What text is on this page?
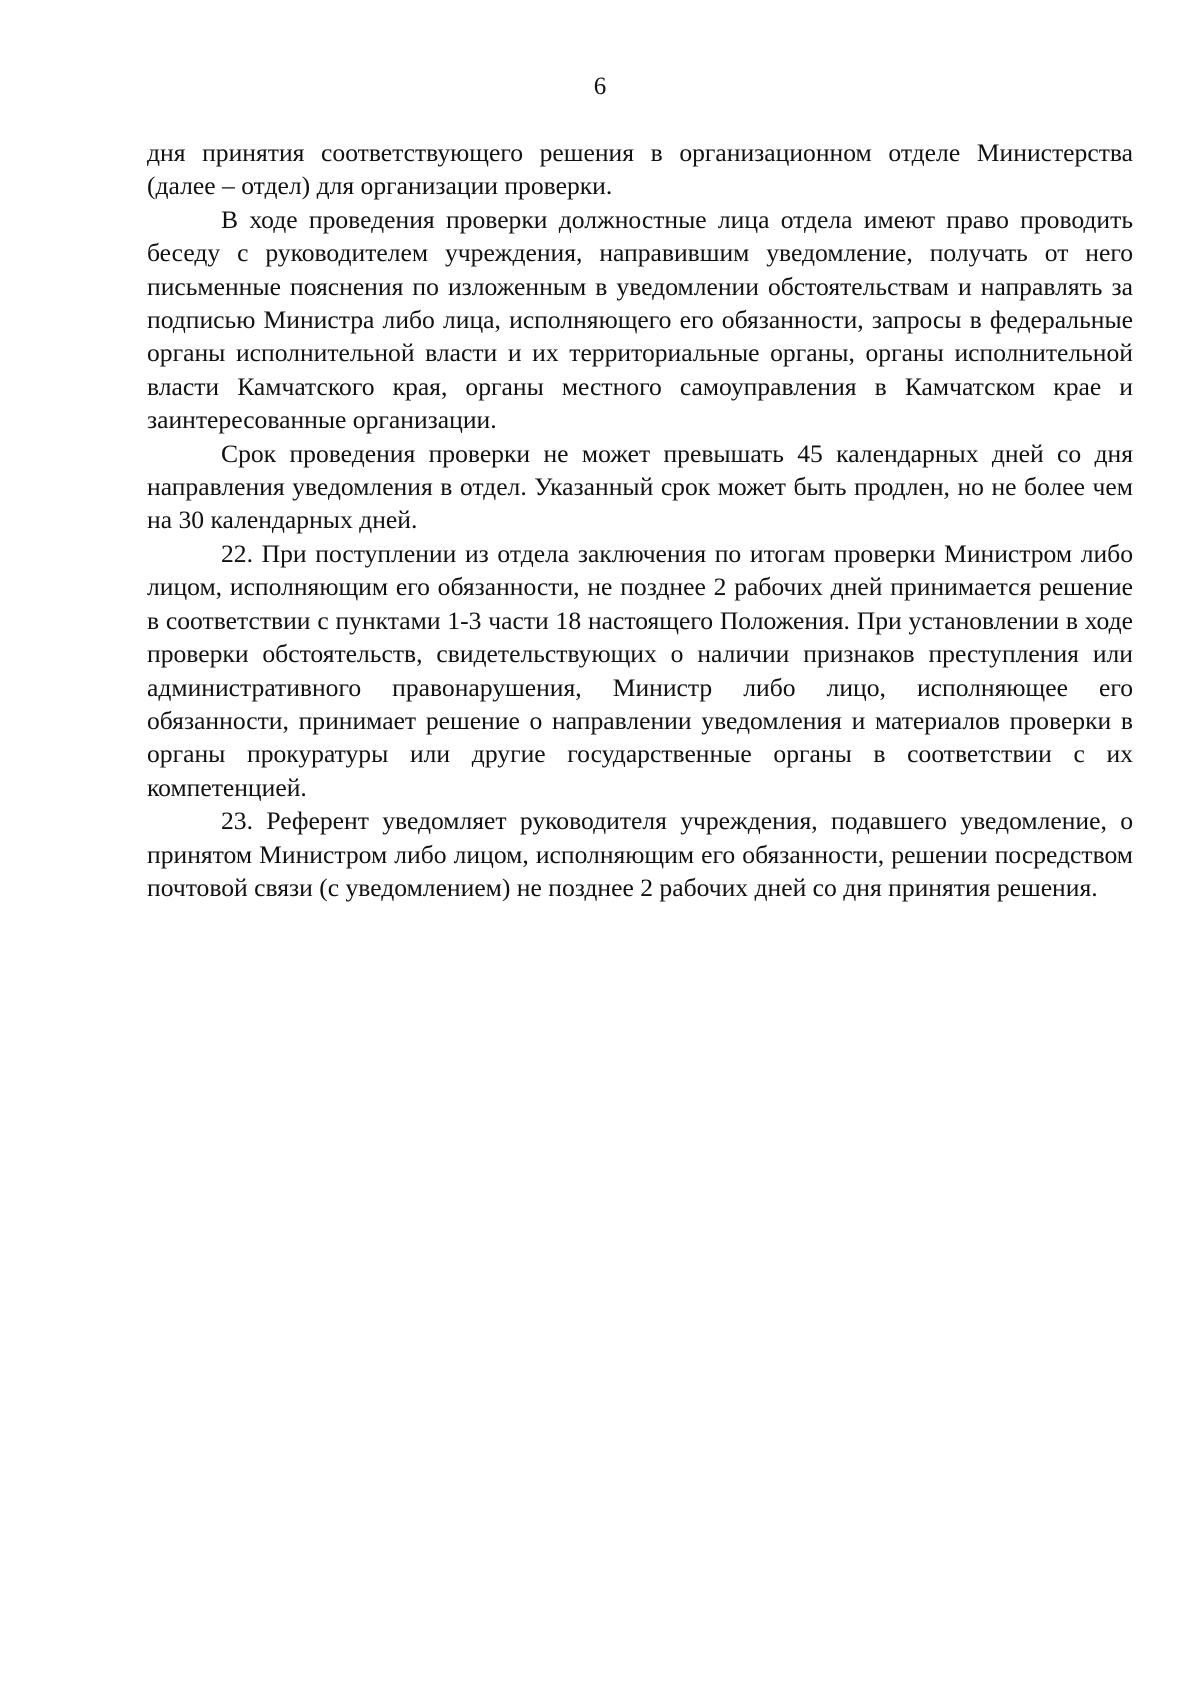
6

дня принятия соответствующего решения в организационном отделе Министерства (далее – отдел) для организации проверки.

В ходе проведения проверки должностные лица отдела имеют право проводить беседу с руководителем учреждения, направившим уведомление, получать от него письменные пояснения по изложенным в уведомлении обстоятельствам и направлять за подписью Министра либо лица, исполняющего его обязанности, запросы в федеральные органы исполнительной власти и их территориальные органы, органы исполнительной власти Камчатского края, органы местного самоуправления в Камчатском крае и заинтересованные организации.

Срок проведения проверки не может превышать 45 календарных дней со дня направления уведомления в отдел. Указанный срок может быть продлен, но не более чем на 30 календарных дней.

22. При поступлении из отдела заключения по итогам проверки Министром либо лицом, исполняющим его обязанности, не позднее 2 рабочих дней принимается решение в соответствии с пунктами 1-3 части 18 настоящего Положения. При установлении в ходе проверки обстоятельств, свидетельствующих о наличии признаков преступления или административного правонарушения, Министр либо лицо, исполняющее его обязанности, принимает решение о направлении уведомления и материалов проверки в органы прокуратуры или другие государственные органы в соответствии с их компетенцией.

23. Референт уведомляет руководителя учреждения, подавшего уведомление, о принятом Министром либо лицом, исполняющим его обязанности, решении посредством почтовой связи (с уведомлением) не позднее 2 рабочих дней со дня принятия решения.
